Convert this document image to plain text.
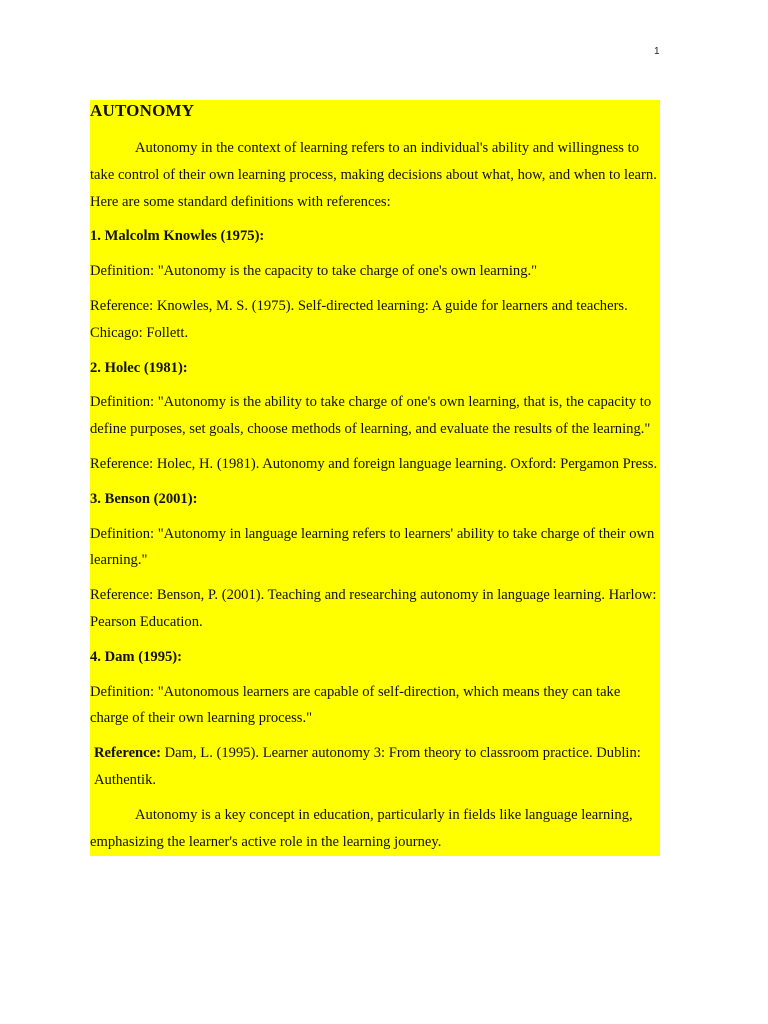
1
AUTONOMY

Autonomy in the context of learning refers to an individual's ability and willingness to take control of their own learning process, making decisions about what, how, and when to learn. Here are some standard definitions with references:

1. Malcolm Knowles (1975):

Definition: "Autonomy is the capacity to take charge of one's own learning."

Reference: Knowles, M. S. (1975). Self-directed learning: A guide for learners and teachers. Chicago: Follett.

2. Holec (1981):

Definition: "Autonomy is the ability to take charge of one's own learning, that is, the capacity to define purposes, set goals, choose methods of learning, and evaluate the results of the learning."

Reference: Holec, H. (1981). Autonomy and foreign language learning. Oxford: Pergamon Press.

3. Benson (2001):

Definition: "Autonomy in language learning refers to learners' ability to take charge of their own learning."

Reference: Benson, P. (2001). Teaching and researching autonomy in language learning. Harlow: Pearson Education.

4. Dam (1995):

Definition: "Autonomous learners are capable of self-direction, which means they can take charge of their own learning process."

Reference: Dam, L. (1995). Learner autonomy 3: From theory to classroom practice. Dublin: Authentik.

Autonomy is a key concept in education, particularly in fields like language learning, emphasizing the learner's active role in the learning journey.
